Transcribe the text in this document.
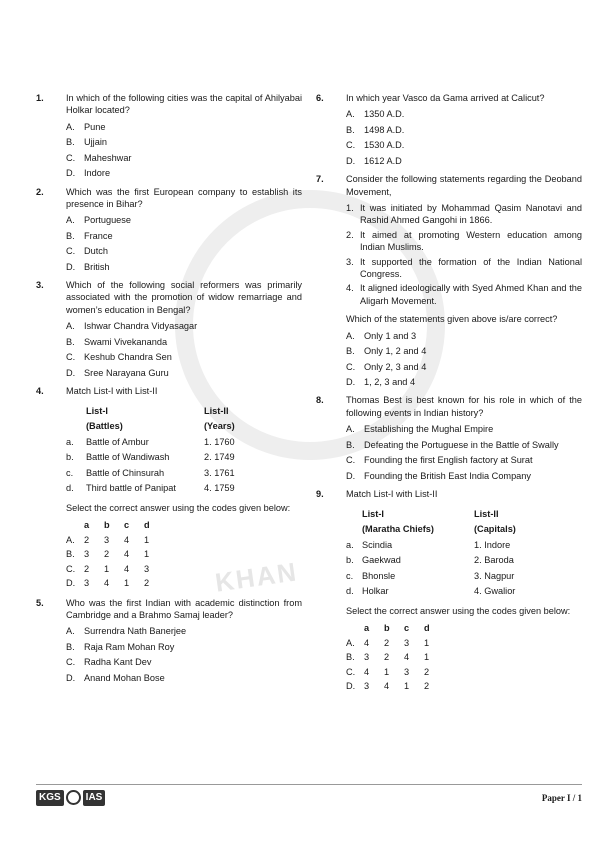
KHAN
1. In which of the following cities was the capital of Ahilyabai Holkar located?
A.	Pune
B.	Ujjain
C. Maheshwar
D. Indore
2. Which was the first European company to establish its presence in Bihar?
A.	Portuguese
B.	France
C. Dutch
D. British
3. Which of the following social reformers was primarily associated with the promotion of widow remarriage and women’s education in Bengal?
A.	Ishwar Chandra Vidyasagar
B.	Swami Vivekananda
C. Keshub Chandra Sen
D. Sree Narayana Guru
4. Match List-I with List-II
	List-I	List-II
	(Battles)	(Years)
a.	Battle of Ambur	1. 1760
b.	Battle of Wandiwash	2. 1749
c.	Battle of Chinsurah	3. 1761
d.	Third battle of Panipat	4. 1759
Select the correct answer using the codes given below:
	a	b	c	d
A.	2	3	4	1
B.	3	2	4	1
C.	2	1	4	3
D.	3	4	1	2
5. Who was the first Indian with academic distinction from Cambridge and a Brahmo Samaj leader?
A.	Surrendra Nath Banerjee
B.	Raja Ram Mohan Roy
C. Radha Kant Dev
D. Anand Mohan Bose
6. In which year Vasco da Gama arrived at Calicut?
A.	1350 A.D.
B.	1498 A.D.
C. 1530 A.D.
D. 1612 A.D
7. Consider the following statements regarding the Deoband Movement,
1. It was initiated by Mohammad Qasim Nanotavi and Rashid Ahmed Gangohi in 1866.
2. It aimed at promoting Western education among Indian Muslims.
3. It supported the formation of the Indian National Congress.
4. It aligned ideologically with Syed Ahmed Khan and the Aligarh Movement.
Which of the statements given above is/are correct?
A.	Only 1 and 3
B.	Only 1, 2 and 4
C. Only 2, 3 and 4
D. 1, 2, 3 and 4
8. Thomas Best is best known for his role in which of the following events in Indian history?
A.	Establishing the Mughal Empire
B.	Defeating the Portuguese in the Battle of Swally
C. Founding the first English factory at Surat
D. Founding the British East India Company
9. Match List-I with List-II
	List-I	List-II
	(Maratha Chiefs)	(Capitals)
a.	Scindia	1. Indore
b.	Gaekwad	2. Baroda
c.	Bhonsle	3. Nagpur
d.	Holkar	4. Gwalior
Select the correct answer using the codes given below:
	a	b	c	d
A.	4	2	3	1
B.	3	2	4	1
C.	4	1	3	2
D.	3	4	1	2
KGS	IAS	Paper I / 1
